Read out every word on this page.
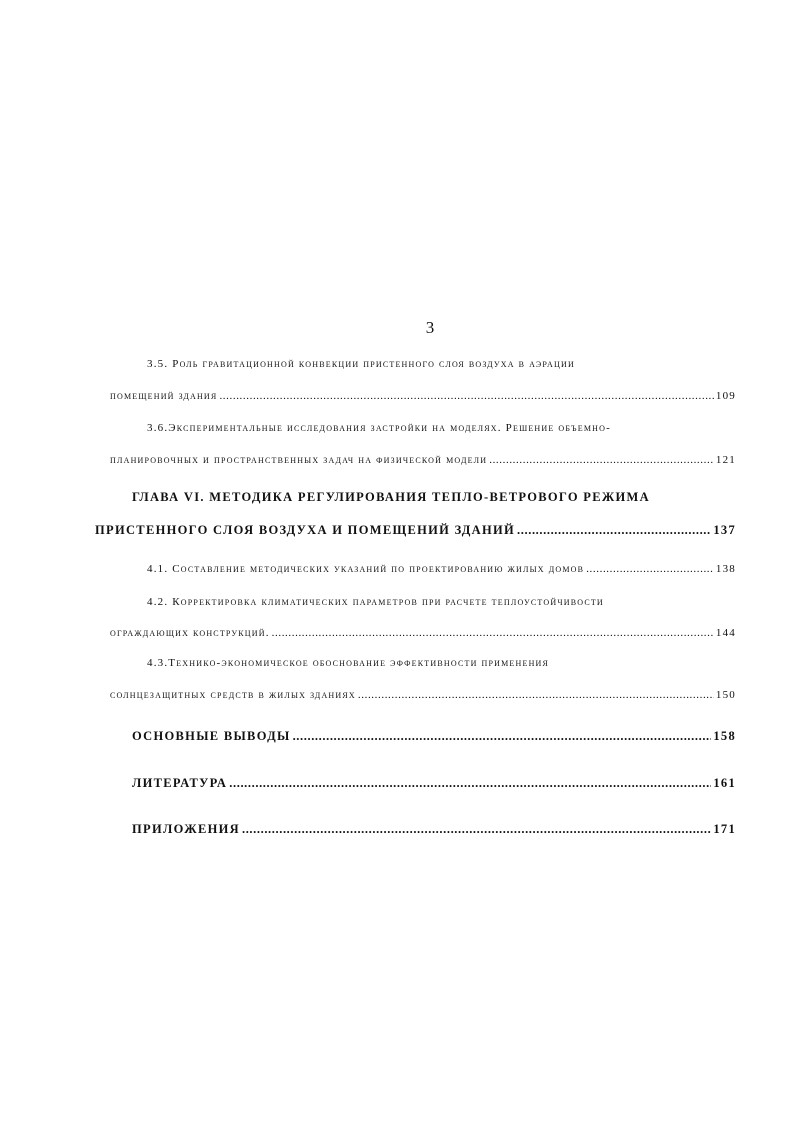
3
3.5. Роль гравитационной конвекции пристенного слоя воздуха в аэрации
помещений здания .....	109
3.6.Экспериментальные исследования застройки на моделях. Решение объемно-
планировочных и пространственных задач на физической модели .....	121
ГЛАВА VI. МЕТОДИКА РЕГУЛИРОВАНИЯ ТЕПЛО-ВЕТРОВОГО РЕЖИМА
ПРИСТЕННОГО СЛОЯ ВОЗДУХА И ПОМЕЩЕНИЙ ЗДАНИЙ .....	137
4.1. Составление методических указаний по проектированию жилых домов .....	138
4.2. Корректировка климатических параметров при расчете теплоустойчивости
ограждающих конструкций. .....	144
4.3.Технико-экономическое обоснование эффективности применения
солнцезащитных средств в жилых зданиях .....	150
ОСНОВНЫЕ ВЫВОДЫ .....	158
ЛИТЕРАТУРА .....	161
ПРИЛОЖЕНИЯ .....	171
